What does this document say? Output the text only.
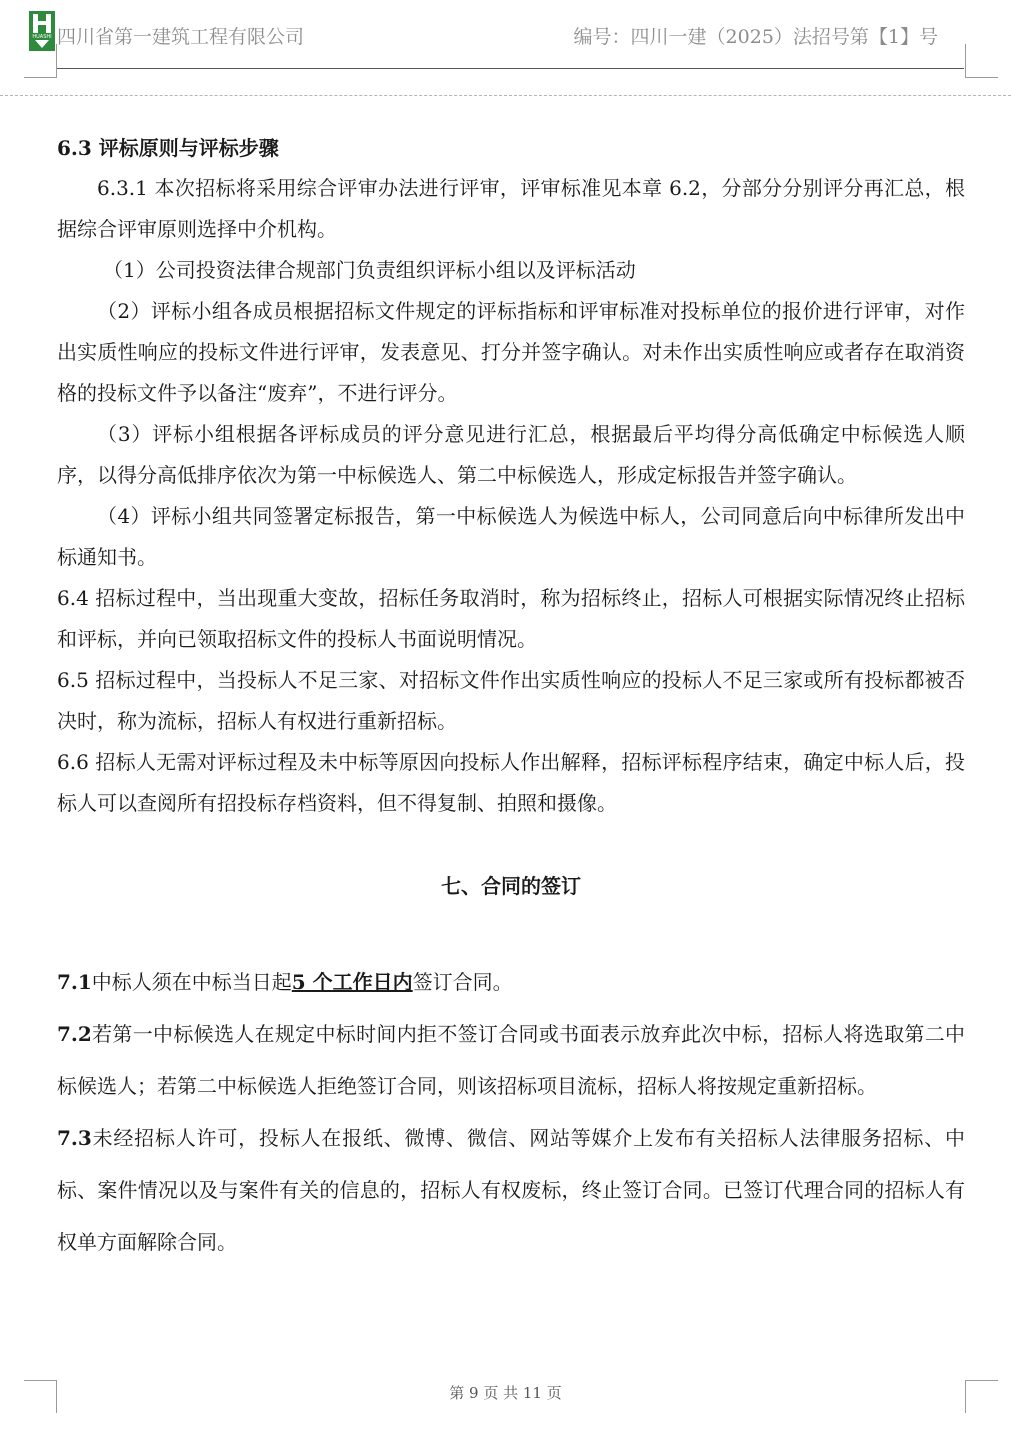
HUASHI 四川省第一建筑工程有限公司	编号：四川一建（2025）法招号第【1】号

6.3 评标原则与评标步骤

6.3.1 本次招标将采用综合评审办法进行评审，评审标准见本章 6.2，分部分分别评分再汇总，根据综合评审原则选择中介机构。

（1）公司投资法律合规部门负责组织评标小组以及评标活动

（2）评标小组各成员根据招标文件规定的评标指标和评审标准对投标单位的报价进行评审，对作出实质性响应的投标文件进行评审，发表意见、打分并签字确认。对未作出实质性响应或者存在取消资格的投标文件予以备注“废弃”，不进行评分。

（3）评标小组根据各评标成员的评分意见进行汇总，根据最后平均得分高低确定中标候选人顺序，以得分高低排序依次为第一中标候选人、第二中标候选人，形成定标报告并签字确认。

（4）评标小组共同签署定标报告，第一中标候选人为候选中标人，公司同意后向中标律所发出中标通知书。

6.4 招标过程中，当出现重大变故，招标任务取消时，称为招标终止，招标人可根据实际情况终止招标和评标，并向已领取招标文件的投标人书面说明情况。

6.5 招标过程中，当投标人不足三家、对招标文件作出实质性响应的投标人不足三家或所有投标都被否决时，称为流标，招标人有权进行重新招标。

6.6 招标人无需对评标过程及未中标等原因向投标人作出解释，招标评标程序结束，确定中标人后，投标人可以查阅所有招投标存档资料，但不得复制、拍照和摄像。

七、合同的签订

7.1中标人须在中标当日起5 个工作日内签订合同。

7.2若第一中标候选人在规定中标时间内拒不签订合同或书面表示放弃此次中标，招标人将选取第二中标候选人；若第二中标候选人拒绝签订合同，则该招标项目流标，招标人将按规定重新招标。

7.3未经招标人许可，投标人在报纸、微博、微信、网站等媒介上发布有关招标人法律服务招标、中标、案件情况以及与案件有关的信息的，招标人有权废标，终止签订合同。已签订代理合同的招标人有权单方面解除合同。

第 9 页 共 11 页
